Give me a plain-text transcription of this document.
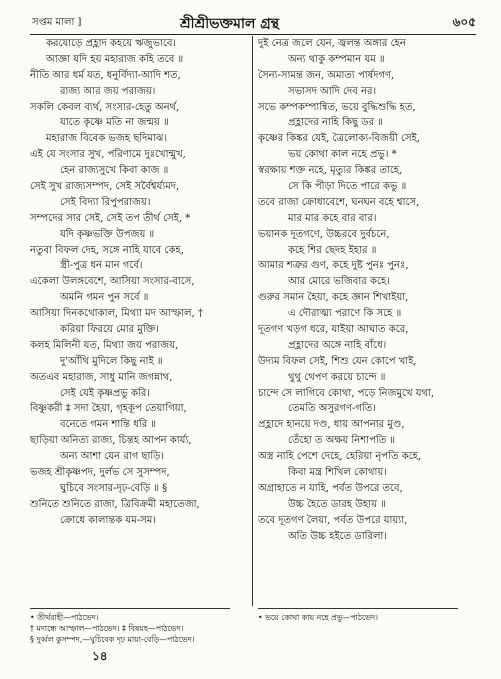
সপ্তম মালা ]	শ্রীশ্রীভক্তমাল গ্রন্থ	৬০৫
করযোড়ে প্রহ্লাদ কহয়ে ঋজুভাবে।
আজ্ঞা যদি হয় মহারাজ কহি তবে ॥
নীতি আর ধর্ম যত, ধনুর্বিদ্যা-আদি শত,
রাজ্য আর জয় পরাজয়।
সকলি কেবল ব্যর্থ, সংসার-হেতু অনর্থ,
যাতে কৃষ্ণে মতি না জন্ময় ॥
মহারাজ বিবেক ভজহ ছদিমাঝ।
এই যে সংসার সুখ, পরিণামে দুঃখোন্মুখ,
হেন রাজ্যসুখে কিবা কাজ ॥
সেই সুখ রাজ্যসম্পদ, সেই সর্বৈশ্বর্য্যমদ,
সেই বিদ্যা রিপুপরাজয়।
সম্পদের সার সেই, সেই তপ তীর্থ সেই, *
যদি কৃষ্ণভক্তি উপজয় ॥
নতুবা বিফল দেহ, সঙ্গে নাহি যাবে কেহ,
স্ত্রী-পুত্র ধন মান গর্বে।
একেলা উলঙ্গবেশে, আসিয়া সংসার-বাসে,
অমনি গমন পুন সর্বে ॥
আসিয়া দিনকথোকাল, মিথ্যা মদ আস্ফাল, †
করিয়া ফিরয়ে মোর মুক্তি।
কলহ মিলিনী যত, মিথ্যা জয় পরাজয়,
দু'আঁথি মুদিলে কিছু নাই ॥
অতএব মহারাজ, সাধু মানি জগন্নাথ,
সেই যেই কৃষ্ণপ্রভু করি।
বিষ্ণুকরী ‡ সদা হৈয়া, গৃহকূপ তেয়াগিয়া,
বনেতে গমন শান্তি ধরি ॥
ছাড়িয়া অনিত্য রাজ্য, চিন্তহ আপন কার্য্য,
অন্য আশা যেন রাগ ছাড়ি।
ভজহ শ্রীকৃষ্ণপদ, দুর্লভ সে সুসম্পদ,
ঘুচিবে সংসার-দৃঢ়-বেড়ি ॥ §
শুনিতে শুনিতে রাজা, ত্রিবিক্রমী মহাতেজা,
ক্রোধে কালান্তক যম-সম।
দুই নেত্র জলে যেন, জ্বলন্ত অঙ্গার হেন
অন্য থাকু কম্পমান যম ॥
সৈন্য-সামন্ত জন, অমাত্য পার্ষদগণ,
সভাসদ আদি দেব নর।
সভে কম্পকম্পান্বিত, ভয়ে বুদ্ধিশুদ্ধি হত,
প্রহ্লাদের নাহি কিছু ডর ॥
কৃষ্ণের কিঙ্কর যেই, ত্রৈলোক্য-বিজয়ী সেই,
ভয় কোথা কাল নহে প্রভু। *
স্বরক্ষায় শক্ত নহে, মৃত্যুর কিঙ্কর তাহে,
সে কি পীড়া দিতে পারে কভু ॥
তবে রাজা ক্রোধাবেশে, ঘনঘন বহে শ্বাসে,
মার মার কহে বার বার।
ভয়ানক দূতগণে, উচ্চরবে দুর্বচনে,
কহে শির ছেদহ ইহার ॥
আমার শত্রুর গুণ, কহে দুষ্ট পুনঃ পুনঃ,
আর মোরে ভজিবার কহে।
গুরুর সমান হৈয়া, কহে জ্ঞান শিখাইয়া,
এ দৌরাত্ম্য পরাণে কি সহে ॥
দূতগণ খড়গ ধরে, যাইয়া আঘাত করে,
প্রহ্লাদের অঙ্গে নাহি বাঁধে।
উদ্যম বিফল সেই, শিশু যেন কোপে খাই,
থুথু থেপণ করয়ে চান্দে ॥
চান্দে সে লাগিবে কোথা, পড়ে নিজমুখে যথা,
তেমতি অসুরগণ-গতি।
প্রহ্লাদে হানয়ে দণ্ড, ধায় আপনার মুণ্ড,
তেঁহো ত অক্ষয় নিশাপতি ॥
অস্ত্র নাহি পেশে দেহে, হেরিয়া নৃপতি কহে,
কিবা মন্ত্র শিখিল কোথায়।
অগ্রাহাতে ন যাহি, পর্বত উপরে তবে,
উচ্চ হৈতে ডারহ উহায় ॥
তবে দূতগণ লৈয়া, পর্বত উপরে যায়্যা,
অতি উচ্চ হইতে ডারিলা।
• তীর্থরাহী—পাঠভেদ।
† মদান্ধে আস্ফাল—পাঠভেদ। ‡ বিষয়হ—পাঠভেদ।
§ দুর্ব্বল কুসম্পদ,—ঘুচিবেক দৃঢ় মায়া-বেড়ি—পাঠভেদ।
• ভয়ে কোথা কায় নহে প্রভু—পাঠভেদ।
১৪
